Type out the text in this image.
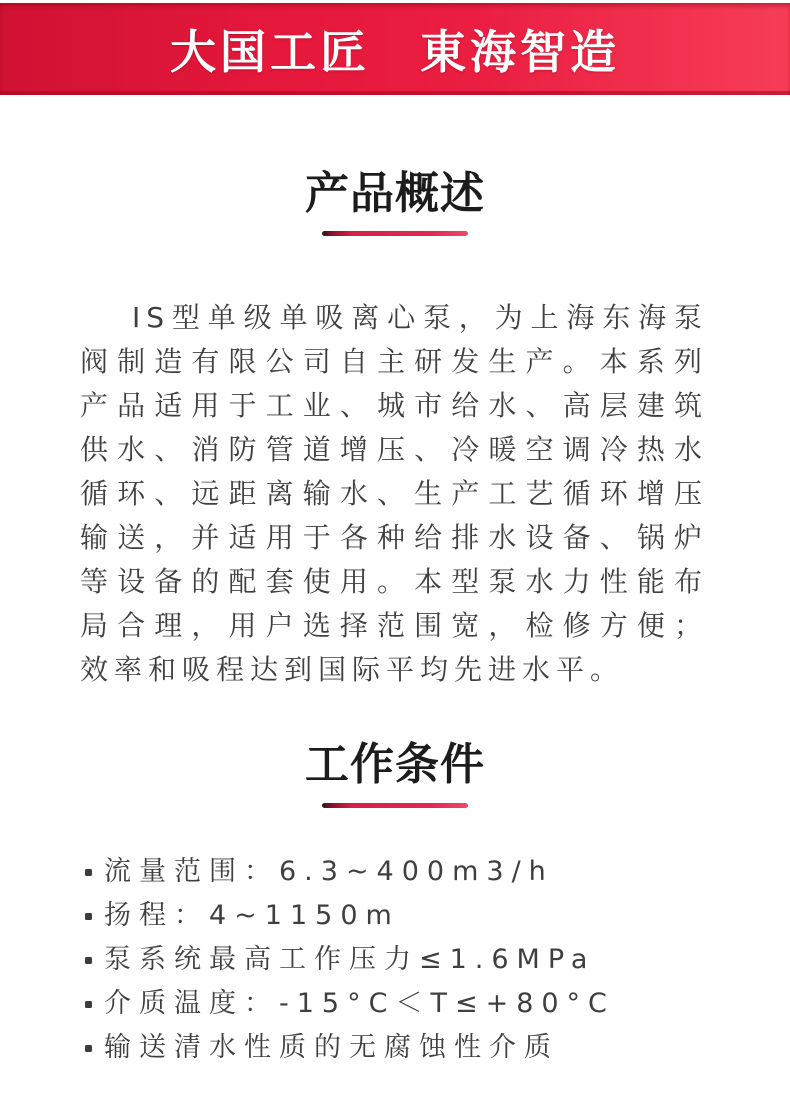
大国工匠　東海智造
产品概述
IS型单级单吸离心泵，为上海东海泵
阀制造有限公司自主研发生产。本系列
产品适用于工业、城市给水、高层建筑
供水、消防管道增压、冷暖空调冷热水
循环、远距离输水、生产工艺循环增压
输送，并适用于各种给排水设备、锅炉
等设备的配套使用。本型泵水力性能布
局合理，用户选择范围宽，检修方便；
效率和吸程达到国际平均先进水平。
工作条件
流量范围：6.3~400m3/h
扬程：4~1150m
泵系统最高工作压力≤1.6MPa
介质温度：-15°C＜T≤+80°C
输送清水性质的无腐蚀性介质
